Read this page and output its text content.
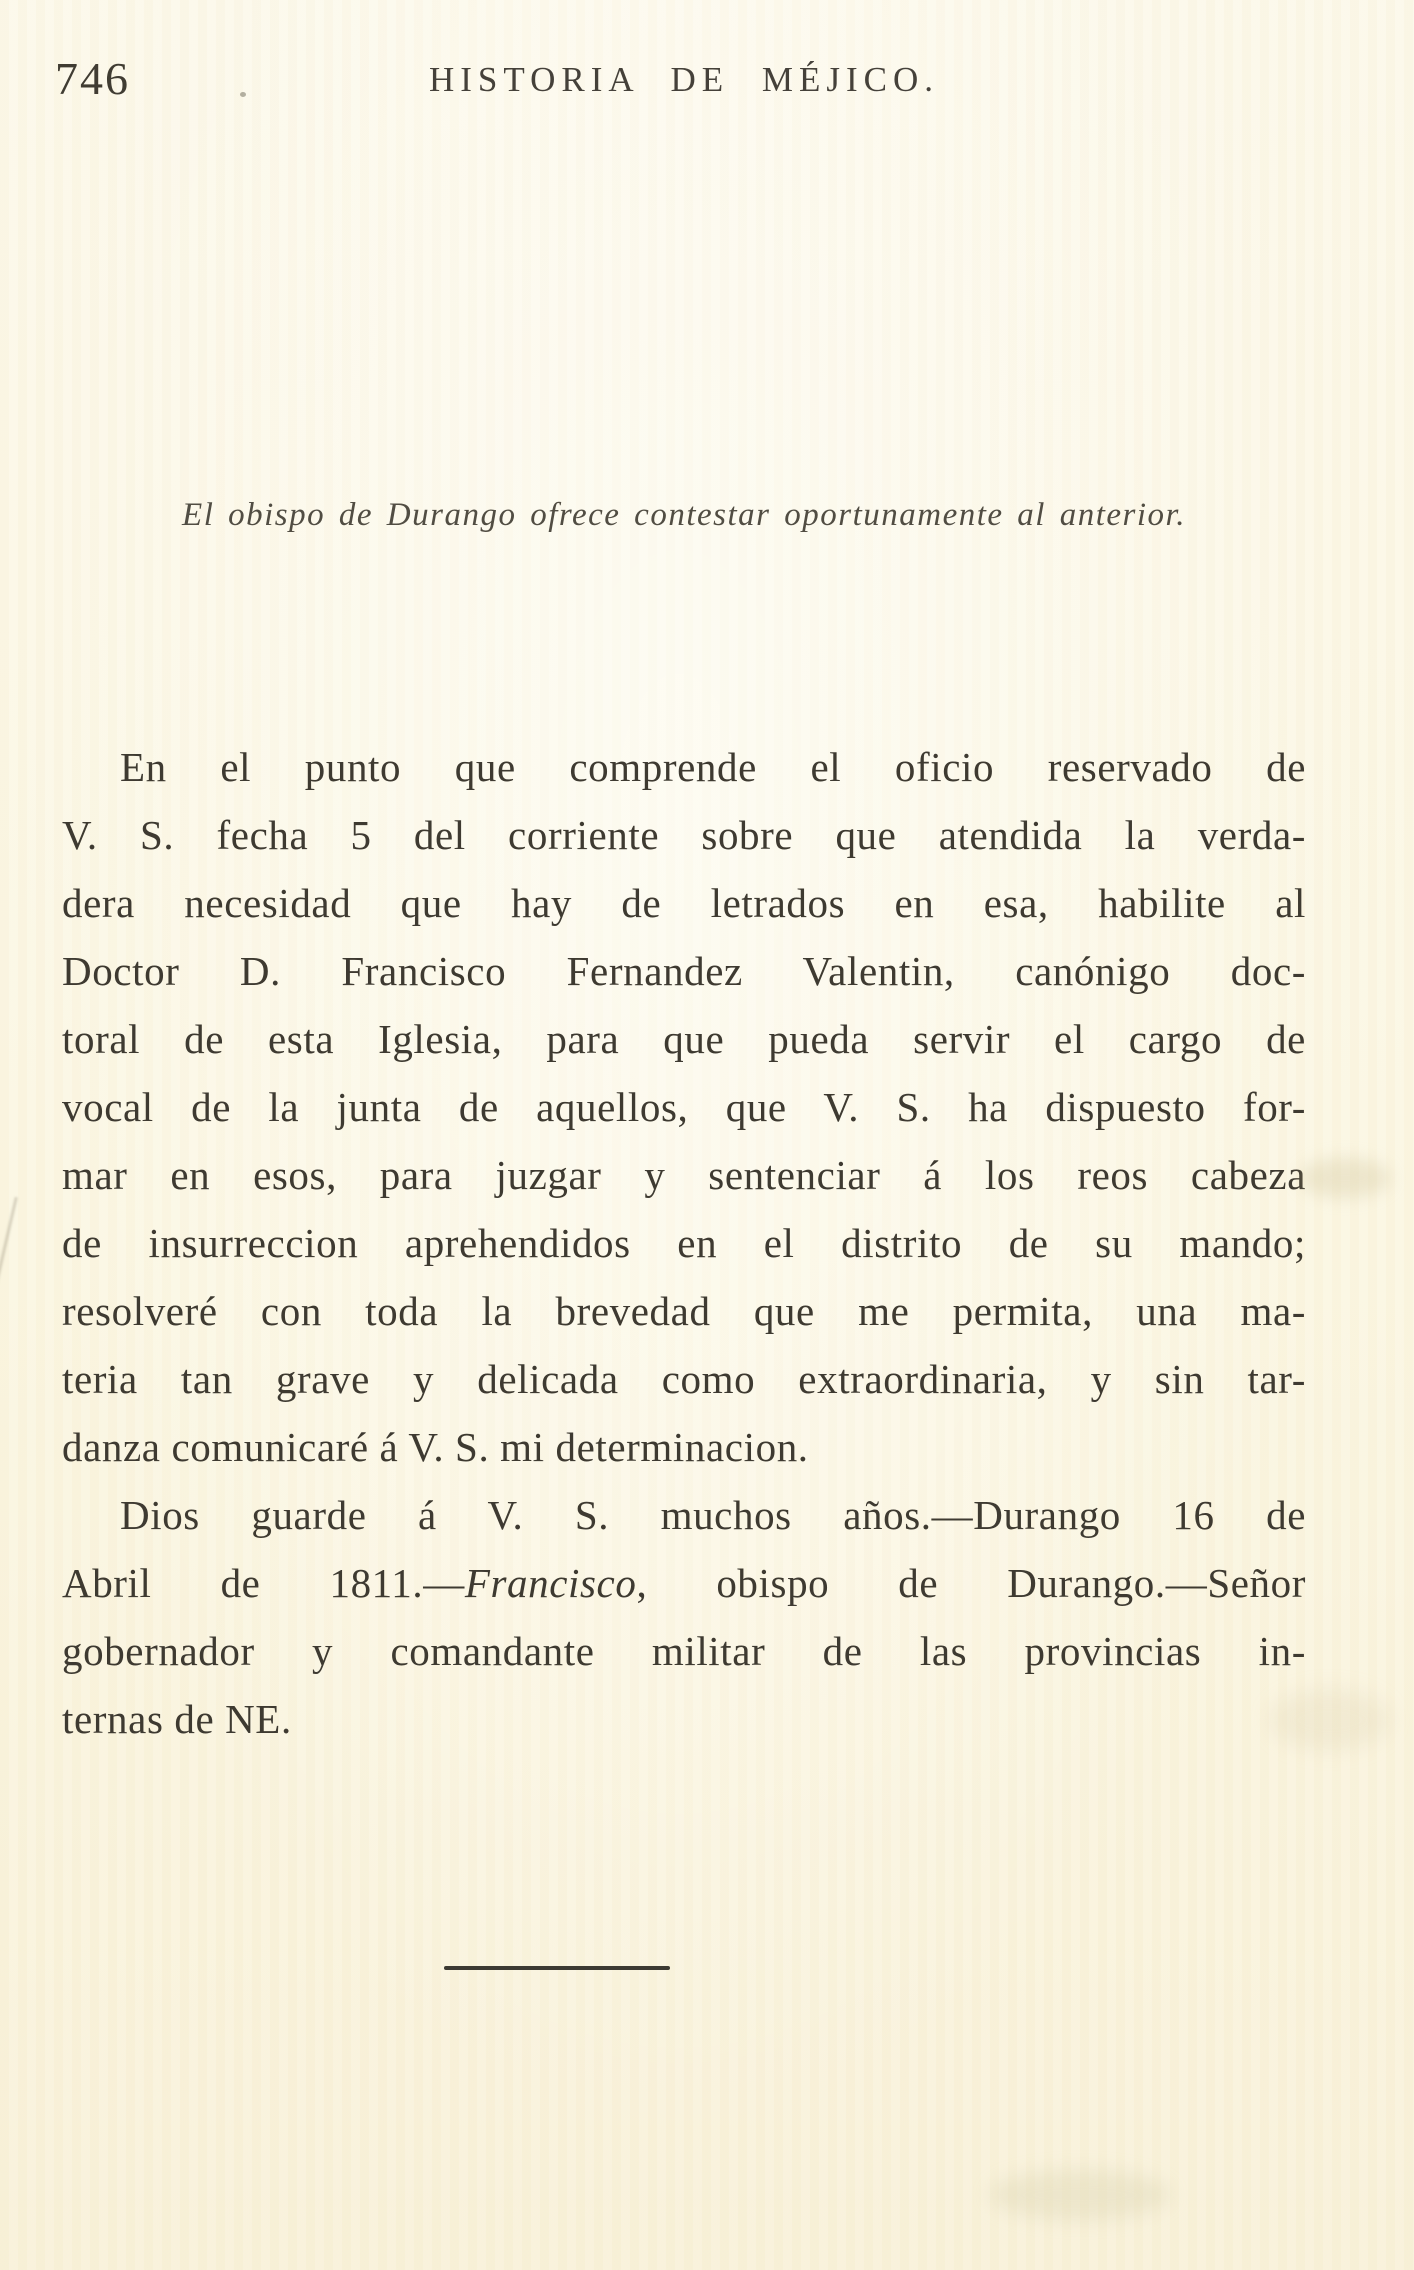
746	HISTORIA DE MÉJICO.
El obispo de Durango ofrece contestar oportunamente al anterior.
En el punto que comprende el oficio reservado de
V. S. fecha 5 del corriente sobre que atendida la verda-
dera necesidad que hay de letrados en esa, habilite al
Doctor D. Francisco Fernandez Valentin, canónigo doc-
toral de esta Iglesia, para que pueda servir el cargo de
vocal de la junta de aquellos, que V. S. ha dispuesto for-
mar en esos, para juzgar y sentenciar á los reos cabeza
de insurreccion aprehendidos en el distrito de su mando;
resolveré con toda la brevedad que me permita, una ma-
teria tan grave y delicada como extraordinaria, y sin tar-
danza comunicaré á V. S. mi determinacion.
Dios guarde á V. S. muchos años.—Durango 16 de
Abril de 1811.—Francisco, obispo de Durango.—Señor
gobernador y comandante militar de las provincias in-
ternas de NE.
